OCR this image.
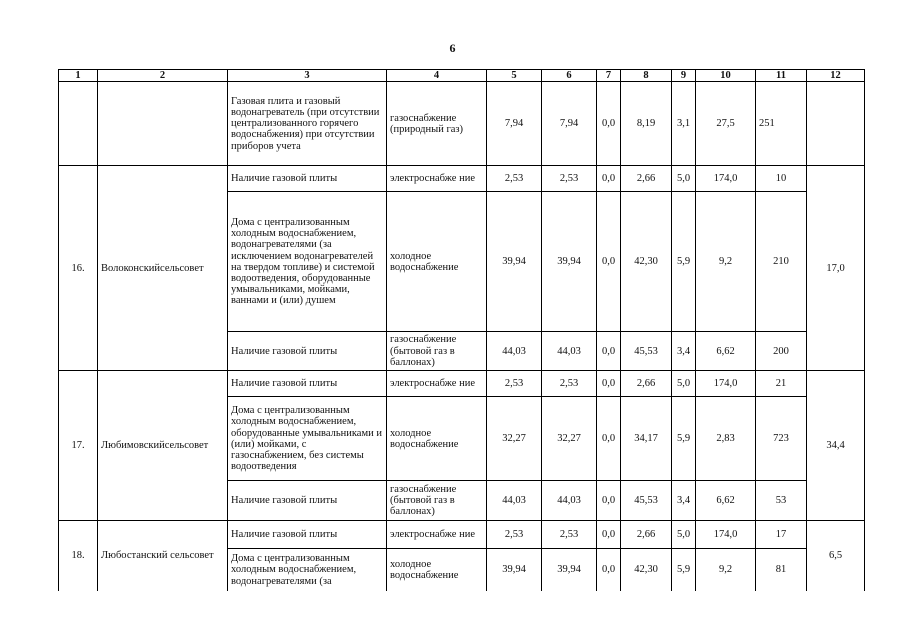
6
1	2	3	4	5	6	7	8	9	10	11	12
		Газовая плита и газовый водонагреватель (при отсутствии централизованного горячего водоснабжения) при отсутствии приборов учета	газоснабжение (природный газ)	7,94	7,94	0,0	8,19	3,1	27,5	251	
16.	Волоконскийсельсовет	Наличие газовой плиты	электроснабже ние	2,53	2,53	0,0	2,66	5,0	174,0	10	17,0
		Дома с централизованным холодным водоснабжением, водонагревателями (за исключением водонагревателей на твердом топливе) и системой водоотведения, оборудованные умывальниками, мойками, ваннами и (или) душем	холодное водоснабжение	39,94	39,94	0,0	42,30	5,9	9,2	210	
		Наличие газовой плиты	газоснабжение (бытовой газ в баллонах)	44,03	44,03	0,0	45,53	3,4	6,62	200	
17.	Любимовскийсельсовет	Наличие газовой плиты	электроснабже ние	2,53	2,53	0,0	2,66	5,0	174,0	21	34,4
		Дома с централизованным холодным водоснабжением, оборудованные умывальниками и (или) мойками, с газоснабжением, без системы водоотведения	холодное водоснабжение	32,27	32,27	0,0	34,17	5,9	2,83	723	
		Наличие газовой плиты	газоснабжение (бытовой газ в баллонах)	44,03	44,03	0,0	45,53	3,4	6,62	53	
18.	Любостанский сельсовет	Наличие газовой плиты	электроснабже ние	2,53	2,53	0,0	2,66	5,0	174,0	17	6,5
		Дома с централизованным холодным водоснабжением, водонагревателями (за	холодное водоснабжение	39,94	39,94	0,0	42,30	5,9	9,2	81	
